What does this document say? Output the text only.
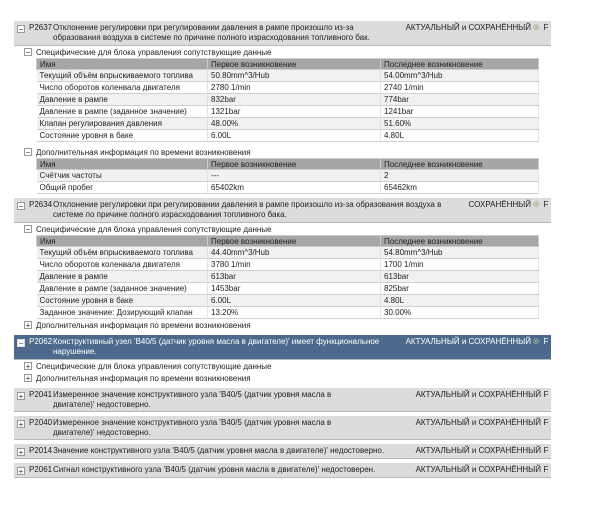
− P2637 Отклонение регулировки при регулировании давления в рампе произошло из-за образования воздуха в системе по причине полного израсходования топливного бак.
АКТУАЛЬНЫЙ и СОХРАНЁННЫЙ ◎ F
− Специфические для блока управления сопутствующие данные
Имя	Первое возникновение	Последнее возникновение
Текущий объём впрыскиваемого топлива	50.80mm^3/Hub	54.00mm^3/Hub
Число оборотов коленвала двигателя	2780 1/min	2740 1/min
Давление в рампе	832bar	774bar
Давление в рампе (заданное значение)	1321bar	1241bar
Клапан регулирования давления	48.00%	51.60%
Состояние уровня в баке	6.00L	4.80L
− Дополнительная информация по времени возникновения
Имя	Первое возникновение	Последнее возникновение
Счётчик частоты	---	2
Общий пробег	65402km	65462km
− P2634 Отклонение регулировки при регулировании давления в рампе произошло из-за образования воздуха в системе по причине полного израсходования топливного бака.
СОХРАНЁННЫЙ ◎ F
− Специфические для блока управления сопутствующие данные
Имя	Первое возникновение	Последнее возникновение
Текущий объём впрыскиваемого топлива	44.40mm^3/Hub	54.80mm^3/Hub
Число оборотов коленвала двигателя	3780 1/min	1700 1/min
Давление в рампе	613bar	613bar
Давление в рампе (заданное значение)	1453bar	825bar
Состояние уровня в баке	6.00L	4.80L
Заданное значение: Дозирующий клапан	13.20%	30.00%
+ Дополнительная информация по времени возникновения
− P2062 Конструктивный узел 'B40/5 (датчик уровня масла в двигателе)' имеет функциональное нарушение.
АКТУАЛЬНЫЙ и СОХРАНЁННЫЙ ◎ F
+ Специфические для блока управления сопутствующие данные
+ Дополнительная информация по времени возникновения
+ P2041 Измеренное значение конструктивного узла 'B40/5 (датчик уровня масла в двигателе)' недостоверно.
АКТУАЛЬНЫЙ и СОХРАНЁННЫЙ F
+ P2040 Измеренное значение конструктивного узла 'B40/5 (датчик уровня масла в двигателе)' недостоверно.
АКТУАЛЬНЫЙ и СОХРАНЁННЫЙ F
+ P2014 Значение конструктивного узла 'B40/5 (датчик уровня масла в двигателе)' недостоверно.	АКТУАЛЬНЫЙ и СОХРАНЁННЫЙ F
+ P2061 Сигнал конструктивного узла 'B40/5 (датчик уровня масла в двигателе)' недостоверен.	АКТУАЛЬНЫЙ и СОХРАНЁННЫЙ F
